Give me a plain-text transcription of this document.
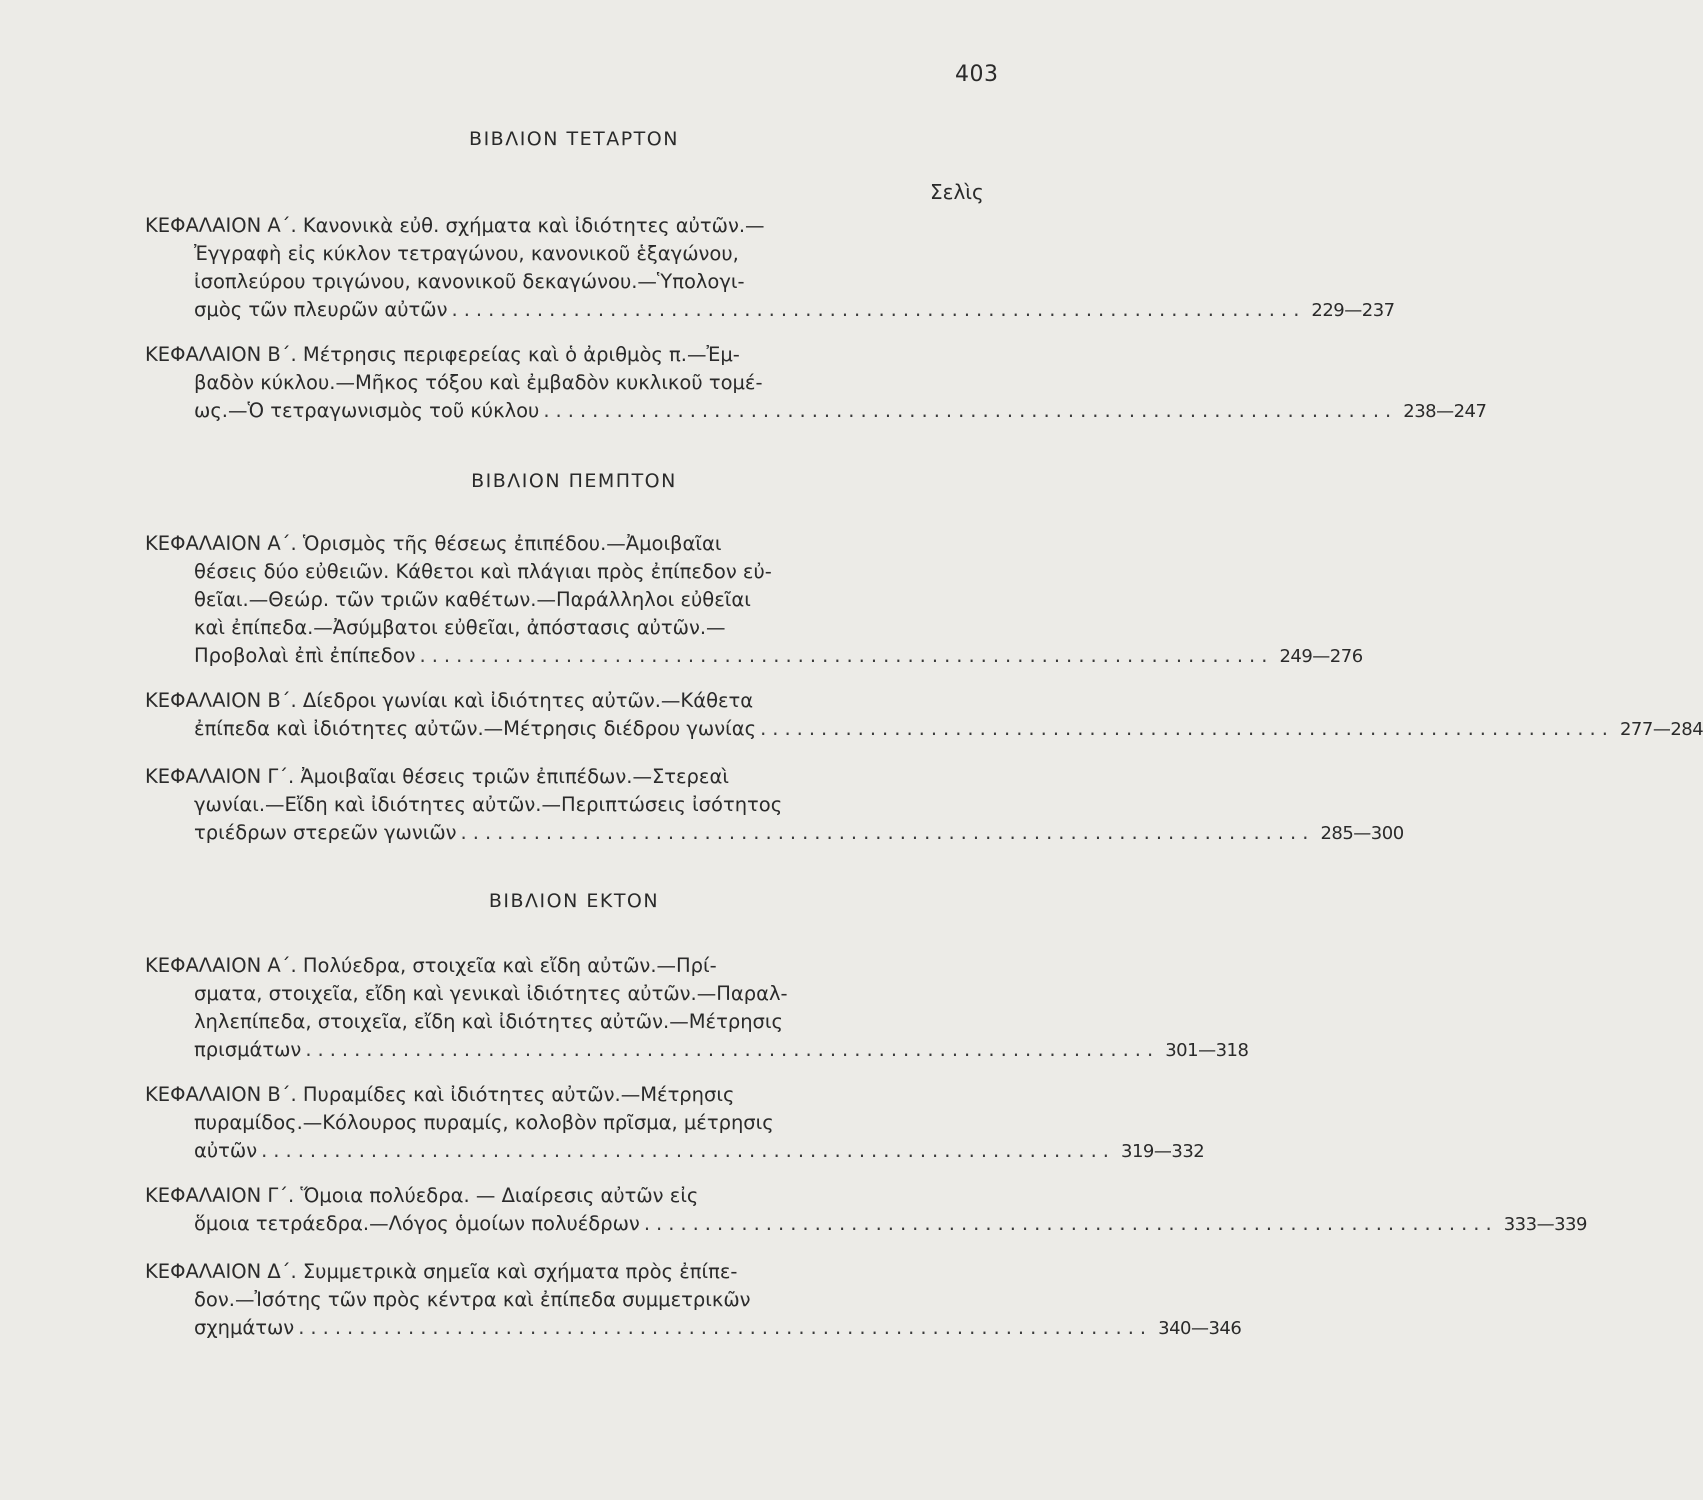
403
ΒΙΒΛΙΟΝ ΤΕΤΑΡΤΟΝ
Σελὶς
ΚΕΦΑΛΑΙΟΝ Α΄. Κανονικὰ εὐθ. σχήματα καὶ ἰδιότητες αὐτῶν.—
Ἐγγραφὴ εἰς κύκλον τετραγώνου, κανονικοῦ ἑξαγώνου,
ἰσοπλεύρου τριγώνου, κανονικοῦ δεκαγώνου.—Ὑπολογι-
σμὸς τῶν πλευρῶν αὐτῶν ...................................................................... 229—237
ΚΕΦΑΛΑΙΟΝ Β΄. Μέτρησις περιφερείας καὶ ὁ ἀριθμὸς π.—Ἐμ-
βαδὸν κύκλου.—Μῆκος τόξου καὶ ἐμβαδὸν κυκλικοῦ τομέ-
ως.—Ὁ τετραγωνισμὸς τοῦ κύκλου ...................................................................... 238—247
ΒΙΒΛΙΟΝ ΠΕΜΠΤΟΝ
ΚΕΦΑΛΑΙΟΝ Α΄. Ὁρισμὸς τῆς θέσεως ἐπιπέδου.—Ἀμοιβαῖαι
θέσεις δύο εὐθειῶν. Κάθετοι καὶ πλάγιαι πρὸς ἐπίπεδον εὐ-
θεῖαι.—Θεώρ. τῶν τριῶν καθέτων.—Παράλληλοι εὐθεῖαι
καὶ ἐπίπεδα.—Ἀσύμβατοι εὐθεῖαι, ἀπόστασις αὐτῶν.—
Προβολαὶ ἐπὶ ἐπίπεδον ...................................................................... 249—276
ΚΕΦΑΛΑΙΟΝ Β΄. Δίεδροι γωνίαι καὶ ἰδιότητες αὐτῶν.—Κάθετα
ἐπίπεδα καὶ ἰδιότητες αὐτῶν.—Μέτρησις διέδρου γωνίας ...................................................................... 277—284
ΚΕΦΑΛΑΙΟΝ Γ΄. Ἀμοιβαῖαι θέσεις τριῶν ἐπιπέδων.—Στερεαὶ
γωνίαι.—Εἴδη καὶ ἰδιότητες αὐτῶν.—Περιπτώσεις ἰσότητος
τριέδρων στερεῶν γωνιῶν ...................................................................... 285—300
ΒΙΒΛΙΟΝ ΕΚΤΟΝ
ΚΕΦΑΛΑΙΟΝ Α΄. Πολύεδρα, στοιχεῖα καὶ εἴδη αὐτῶν.—Πρί-
σματα, στοιχεῖα, εἴδη καὶ γενικαὶ ἰδιότητες αὐτῶν.—Παραλ-
ληλεπίπεδα, στοιχεῖα, εἴδη καὶ ἰδιότητες αὐτῶν.—Μέτρησις
πρισμάτων ...................................................................... 301—318
ΚΕΦΑΛΑΙΟΝ Β΄. Πυραμίδες καὶ ἰδιότητες αὐτῶν.—Μέτρησις
πυραμίδος.—Κόλουρος πυραμίς, κολοβὸν πρῖσμα, μέτρησις
αὐτῶν ...................................................................... 319—332
ΚΕΦΑΛΑΙΟΝ Γ΄. Ὅμοια πολύεδρα. — Διαίρεσις αὐτῶν εἰς
ὅμοια τετράεδρα.—Λόγος ὁμοίων πολυέδρων ...................................................................... 333—339
ΚΕΦΑΛΑΙΟΝ Δ΄. Συμμετρικὰ σημεῖα καὶ σχήματα πρὸς ἐπίπε-
δον.—Ἰσότης τῶν πρὸς κέντρα καὶ ἐπίπεδα συμμετρικῶν
σχημάτων ...................................................................... 340—346
